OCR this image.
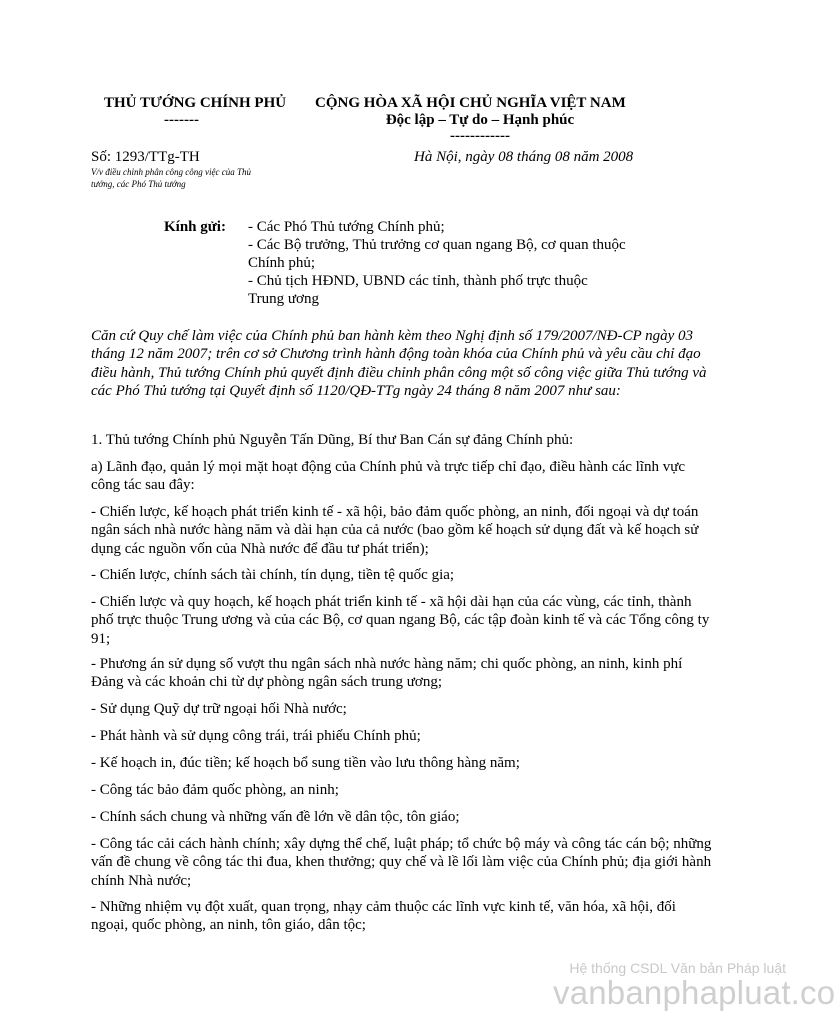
THỦ TƯỚNG CHÍNH PHỦ
-------
CỘNG HÒA XÃ HỘI CHỦ NGHĨA VIỆT NAM
Độc lập – Tự do – Hạnh phúc
------------
Số: 1293/TTg-TH	Hà Nội, ngày 08 tháng 08 năm 2008
V/v điều chỉnh phân công công việc của Thủ
tướng, các Phó Thủ tướng
Kính gửi: - Các Phó Thủ tướng Chính phủ;
- Các Bộ trưởng, Thủ trưởng cơ quan ngang Bộ, cơ quan thuộc
Chính phủ;
- Chủ tịch HĐND, UBND các tỉnh, thành phố trực thuộc
Trung ương
Căn cứ Quy chế làm việc của Chính phủ ban hành kèm theo Nghị định số 179/2007/NĐ-CP ngày 03 tháng 12 năm 2007; trên cơ sở Chương trình hành động toàn khóa của Chính phủ và yêu cầu chỉ đạo điều hành, Thủ tướng Chính phủ quyết định điều chỉnh phân công một số công việc giữa Thủ tướng và các Phó Thủ tướng tại Quyết định số 1120/QĐ-TTg ngày 24 tháng 8 năm 2007 như sau:
1. Thủ tướng Chính phủ Nguyễn Tấn Dũng, Bí thư Ban Cán sự đảng Chính phủ:
a) Lãnh đạo, quản lý mọi mặt hoạt động của Chính phủ và trực tiếp chỉ đạo, điều hành các lĩnh vực công tác sau đây:
- Chiến lược, kế hoạch phát triển kinh tế - xã hội, bảo đảm quốc phòng, an ninh, đối ngoại và dự toán ngân sách nhà nước hàng năm và dài hạn của cả nước (bao gồm kế hoạch sử dụng đất và kế hoạch sử dụng các nguồn vốn của Nhà nước để đầu tư phát triển);
- Chiến lược, chính sách tài chính, tín dụng, tiền tệ quốc gia;
- Chiến lược và quy hoạch, kế hoạch phát triển kinh tế - xã hội dài hạn của các vùng, các tỉnh, thành phố trực thuộc Trung ương và của các Bộ, cơ quan ngang Bộ, các tập đoàn kinh tế và các Tổng công ty 91;
- Phương án sử dụng số vượt thu ngân sách nhà nước hàng năm; chi quốc phòng, an ninh, kinh phí Đảng và các khoản chi từ dự phòng ngân sách trung ương;
- Sử dụng Quỹ dự trữ ngoại hối Nhà nước;
- Phát hành và sử dụng công trái, trái phiếu Chính phủ;
- Kế hoạch in, đúc tiền; kế hoạch bổ sung tiền vào lưu thông hàng năm;
- Công tác bảo đảm quốc phòng, an ninh;
- Chính sách chung và những vấn đề lớn về dân tộc, tôn giáo;
- Công tác cải cách hành chính; xây dựng thể chế, luật pháp; tổ chức bộ máy và công tác cán bộ; những vấn đề chung về công tác thi đua, khen thưởng; quy chế và lề lối làm việc của Chính phủ; địa giới hành chính Nhà nước;
- Những nhiệm vụ đột xuất, quan trọng, nhạy cảm thuộc các lĩnh vực kinh tế, văn hóa, xã hội, đối ngoại, quốc phòng, an ninh, tôn giáo, dân tộc;
Hệ thống CSDL Văn bản Pháp luật
vanbanphapluat.co
